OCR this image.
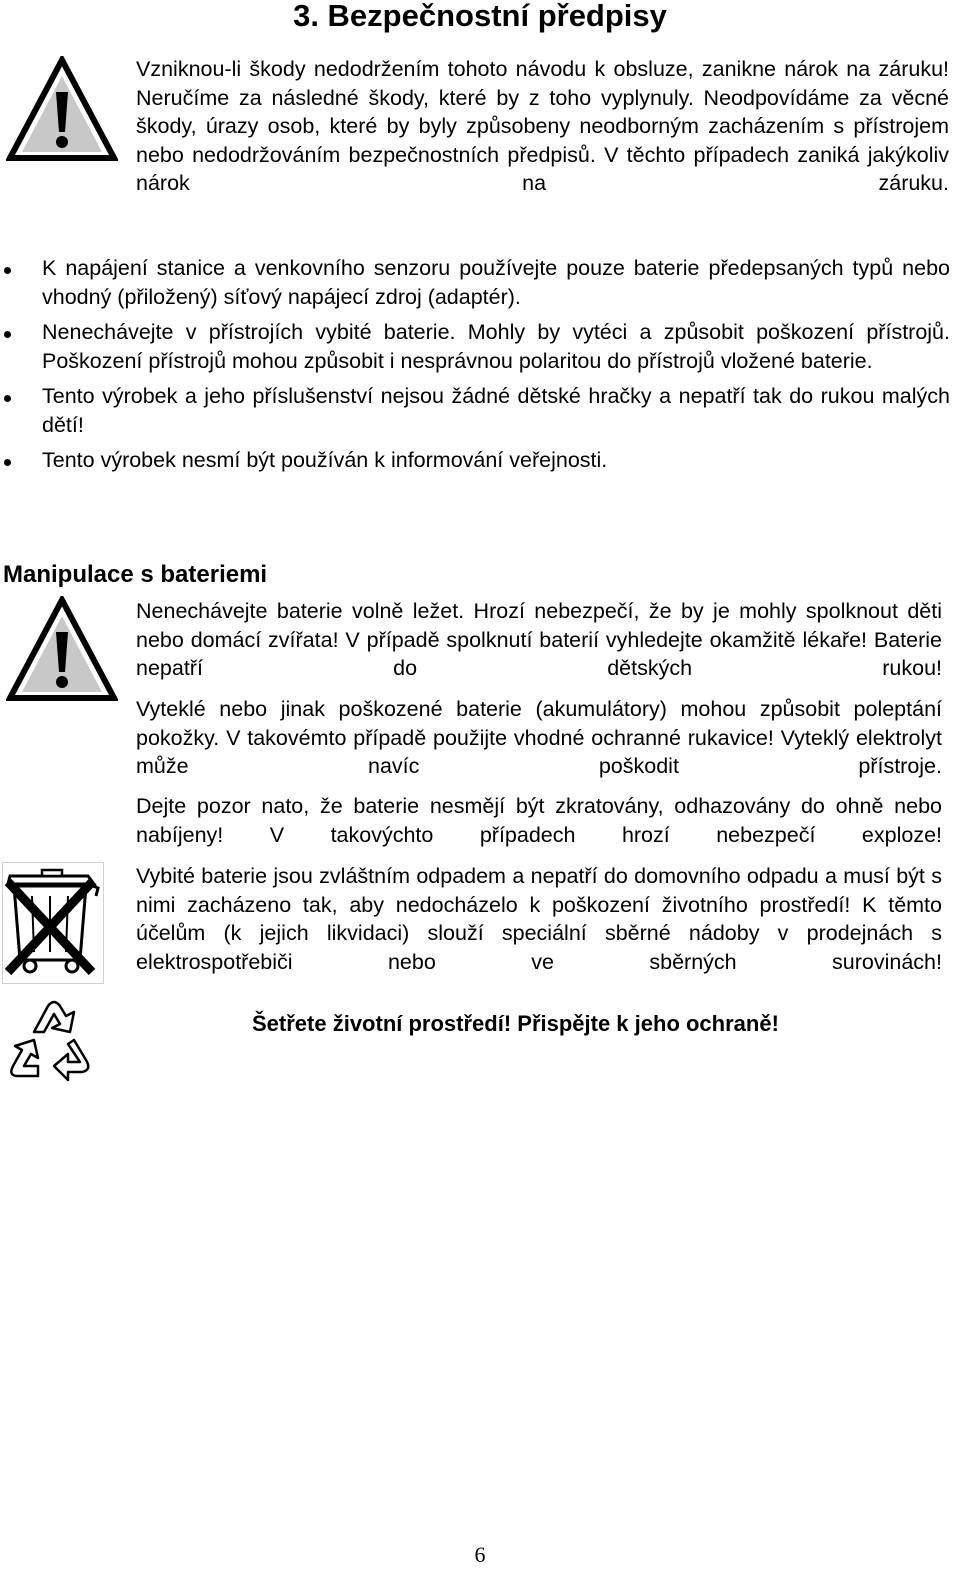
3. Bezpečnostní předpisy

Vzniknou-li škody nedodržením tohoto návodu k obsluze, zanikne nárok na záruku! Neručíme za následné škody, které by z toho vyplynuly. Neodpovídáme za věcné škody, úrazy osob, které by byly způsobeny neodborným zacházením s přístrojem nebo nedodržováním bezpečnostních předpisů. V těchto případech zaniká jakýkoliv nárok na záruku.

K napájení stanice a venkovního senzoru používejte pouze baterie předepsaných typů nebo vhodný (přiložený) síťový napájecí zdroj (adaptér).
Nenechávejte v přístrojích vybité baterie. Mohly by vytéci a způsobit poškození přístrojů. Poškození přístrojů mohou způsobit i nesprávnou polaritou do přístrojů vložené baterie.
Tento výrobek a jeho příslušenství nejsou žádné dětské hračky a nepatří tak do rukou malých dětí!
Tento výrobek nesmí být používán k informování veřejnosti.
Manipulace s bateriemi

Nenechávejte baterie volně ležet. Hrozí nebezpečí, že by je mohly spolknout děti nebo domácí zvířata! V případě spolknutí baterií vyhledejte okamžitě lékaře! Baterie nepatří do dětských rukou!

Vyteklé nebo jinak poškozené baterie (akumulátory) mohou způsobit poleptání pokožky. V takovémto případě použijte vhodné ochranné rukavice! Vyteklý elektrolyt může navíc poškodit přístroje.

Dejte pozor nato, že baterie nesmějí být zkratovány, odhazovány do ohně nebo nabíjeny! V takovýchto případech hrozí nebezpečí exploze!

Vybité baterie jsou zvláštním odpadem a nepatří do domovního odpadu a musí být s nimi zacházeno tak, aby nedocházelo k poškození životního prostředí! K těmto účelům (k jejich likvidaci) slouží speciální sběrné nádoby v prodejnách s elektrospotřebiči nebo ve sběrných surovinách!

Šetřete životní prostředí! Přispějte k jeho ochraně!
6
